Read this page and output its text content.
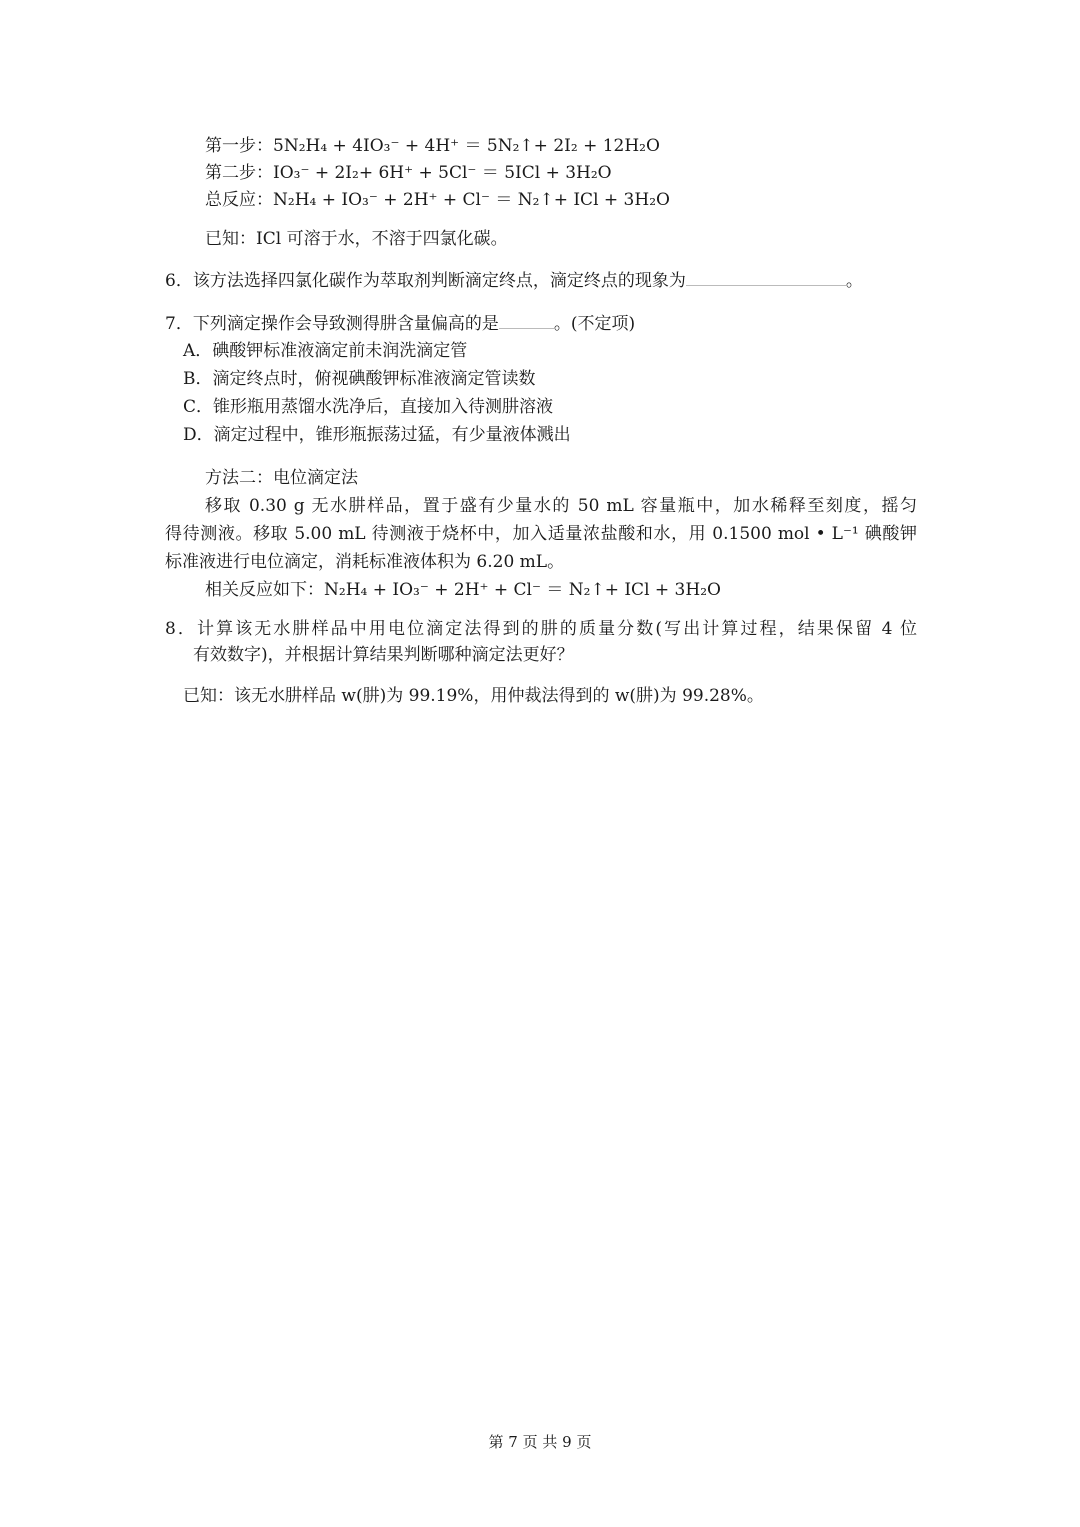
第一步：5N₂H₄ + 4IO₃⁻ + 4H⁺ ＝ 5N₂↑+ 2I₂ + 12H₂O
第二步：IO₃⁻ + 2I₂+ 6H⁺ + 5Cl⁻ ＝ 5ICl + 3H₂O
总反应：N₂H₄ + IO₃⁻ + 2H⁺ + Cl⁻ ＝ N₂↑+ ICl + 3H₂O
已知：ICl 可溶于水，不溶于四氯化碳。
6．该方法选择四氯化碳作为萃取剂判断滴定终点，滴定终点的现象为	。
7．下列滴定操作会导致测得肼含量偏高的是	。(不定项)
A．碘酸钾标准液滴定前未润洗滴定管
B．滴定终点时，俯视碘酸钾标准液滴定管读数
C．锥形瓶用蒸馏水洗净后，直接加入待测肼溶液
D．滴定过程中，锥形瓶振荡过猛，有少量液体溅出
方法二：电位滴定法
移取 0.30 g 无水肼样品，置于盛有少量水的 50 mL 容量瓶中，加水稀释至刻度，摇匀
得待测液。移取 5.00 mL 待测液于烧杯中，加入适量浓盐酸和水，用 0.1500 mol • L⁻¹ 碘酸钾
标准液进行电位滴定，消耗标准液体积为 6.20 mL。
相关反应如下：N₂H₄ + IO₃⁻ + 2H⁺ + Cl⁻ ＝ N₂↑+ ICl + 3H₂O
8．计算该无水肼样品中用电位滴定法得到的肼的质量分数(写出计算过程，结果保留 4 位
有效数字)，并根据计算结果判断哪种滴定法更好？
已知：该无水肼样品 w(肼)为 99.19%，用仲裁法得到的 w(肼)为 99.28%。
第 7 页 共 9 页
